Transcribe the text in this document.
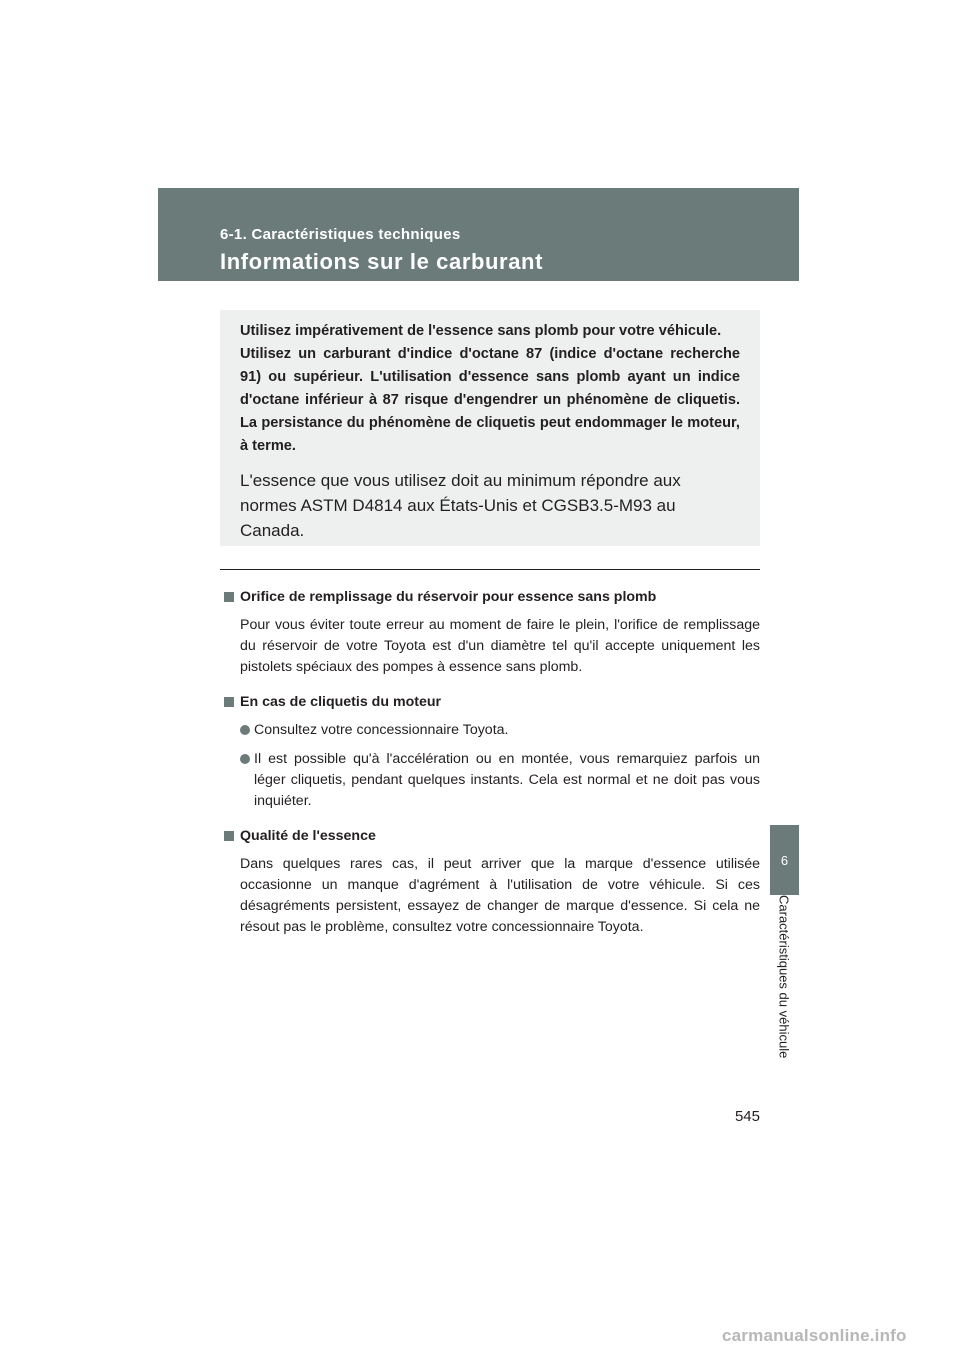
6-1. Caractéristiques techniques
Informations sur le carburant

Utilisez impérativement de l'essence sans plomb pour votre véhicule.

Utilisez un carburant d'indice d'octane 87 (indice d'octane recherche 91) ou supérieur. L'utilisation d'essence sans plomb ayant un indice d'octane inférieur à 87 risque d'engendrer un phénomène de cliquetis. La persistance du phénomène de cliquetis peut endommager le moteur, à terme.

L'essence que vous utilisez doit au minimum répondre aux normes ASTM D4814 aux États-Unis et CGSB3.5-M93 au Canada.

Orifice de remplissage du réservoir pour essence sans plomb

Pour vous éviter toute erreur au moment de faire le plein, l'orifice de remplissage du réservoir de votre Toyota est d'un diamètre tel qu'il accepte uniquement les pistolets spéciaux des pompes à essence sans plomb.

En cas de cliquetis du moteur
Consultez votre concessionnaire Toyota.
Il est possible qu'à l'accélération ou en montée, vous remarquiez parfois un léger cliquetis, pendant quelques instants. Cela est normal et ne doit pas vous inquiéter.
Qualité de l'essence

Dans quelques rares cas, il peut arriver que la marque d'essence utilisée occasionne un manque d'agrément à l'utilisation de votre véhicule. Si ces désagréments persistent, essayez de changer de marque d'essence. Si cela ne résout pas le problème, consultez votre concessionnaire Toyota.

6
Caractéristiques du véhicule
545
carmanualsonline.info
